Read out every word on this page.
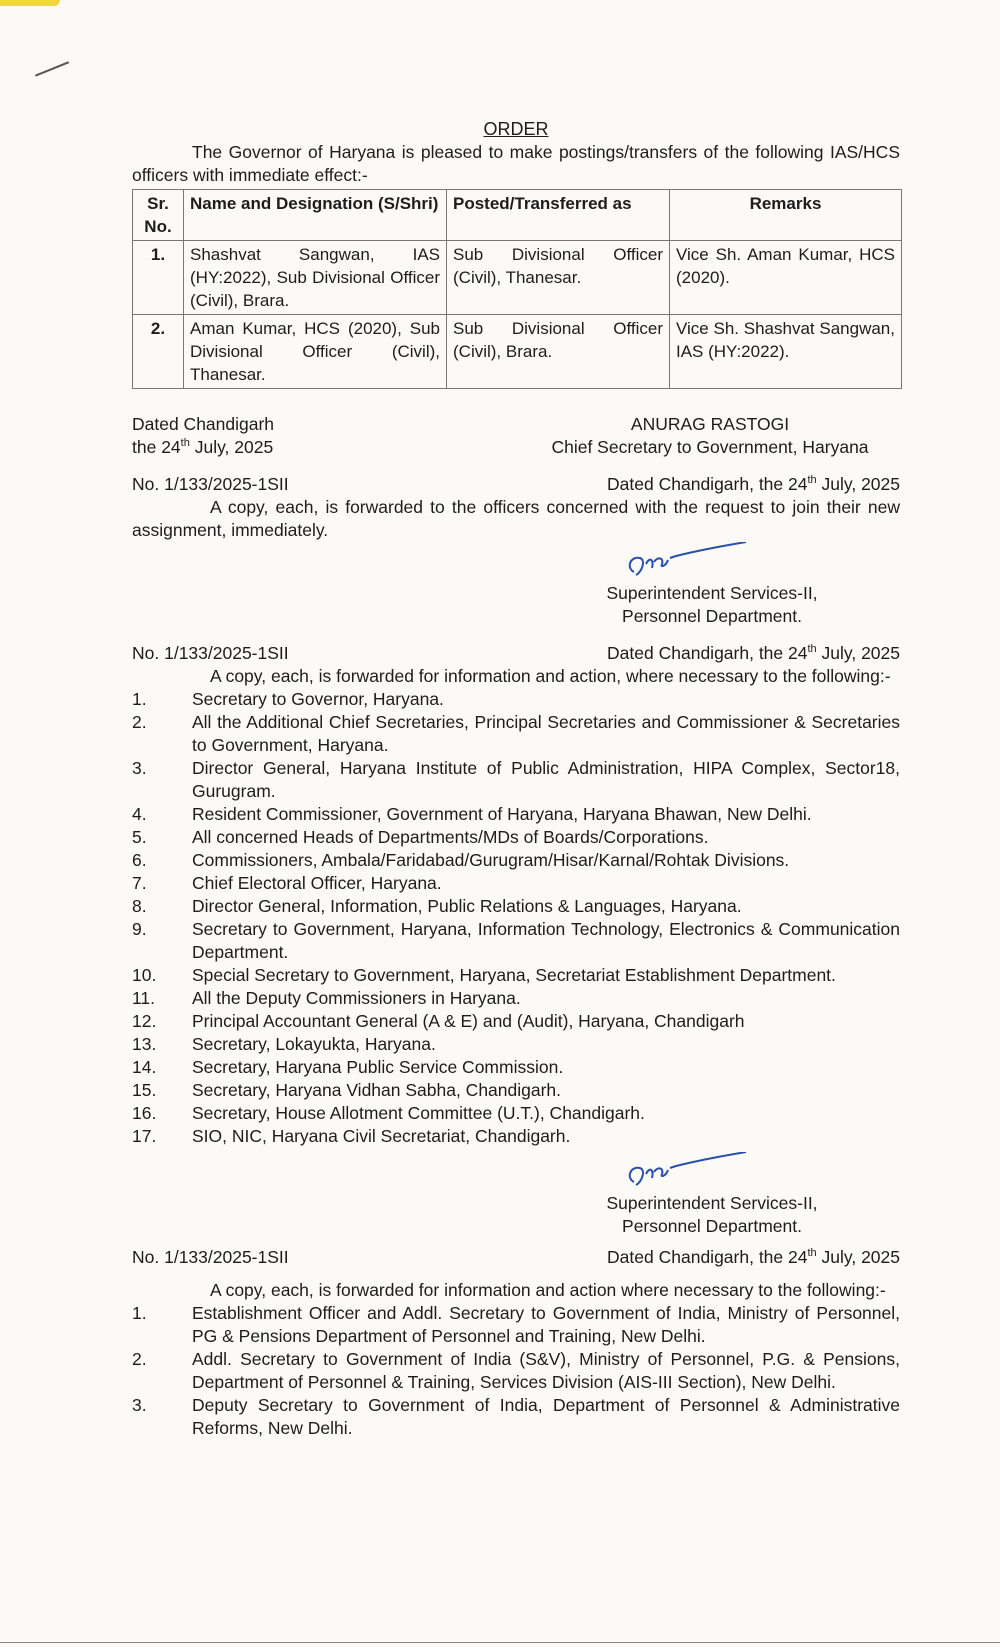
ORDER
The Governor of Haryana is pleased to make postings/transfers of the following IAS/HCS officers with immediate effect:-
Sr. No.	Name and Designation (S/Shri)	Posted/Transferred as	Remarks
1.	Shashvat Sangwan, IAS (HY:2022), Sub Divisional Officer (Civil), Brara.	Sub Divisional Officer (Civil), Thanesar.	Vice Sh. Aman Kumar, HCS (2020).
2.	Aman Kumar, HCS (2020), Sub Divisional Officer (Civil), Thanesar.	Sub Divisional Officer (Civil), Brara.	Vice Sh. Shashvat Sangwan, IAS (HY:2022).
Dated Chandigarh
the 24th July, 2025
ANURAG RASTOGI
Chief Secretary to Government, Haryana
No. 1/133/2025-1SII	Dated Chandigarh, the 24th July, 2025
A copy, each, is forwarded to the officers concerned with the request to join their new assignment, immediately.
Superintendent Services-II,
Personnel Department.
No. 1/133/2025-1SII	Dated Chandigarh, the 24th July, 2025
A copy, each, is forwarded for information and action, where necessary to the following:-
1.	Secretary to Governor, Haryana.
2.	All the Additional Chief Secretaries, Principal Secretaries and Commissioner & Secretaries to Government, Haryana.
3.	Director General, Haryana Institute of Public Administration, HIPA Complex, Sector18, Gurugram.
4.	Resident Commissioner, Government of Haryana, Haryana Bhawan, New Delhi.
5.	All concerned Heads of Departments/MDs of Boards/Corporations.
6.	Commissioners, Ambala/Faridabad/Gurugram/Hisar/Karnal/Rohtak Divisions.
7.	Chief Electoral Officer, Haryana.
8.	Director General, Information, Public Relations & Languages, Haryana.
9.	Secretary to Government, Haryana, Information Technology, Electronics & Communication Department.
10.	Special Secretary to Government, Haryana, Secretariat Establishment Department.
11.	All the Deputy Commissioners in Haryana.
12.	Principal Accountant General (A & E) and (Audit), Haryana, Chandigarh
13.	Secretary, Lokayukta, Haryana.
14.	Secretary, Haryana Public Service Commission.
15.	Secretary, Haryana Vidhan Sabha, Chandigarh.
16.	Secretary, House Allotment Committee (U.T.), Chandigarh.
17.	SIO, NIC, Haryana Civil Secretariat, Chandigarh.
Superintendent Services-II,
Personnel Department.
No. 1/133/2025-1SII	Dated Chandigarh, the 24th July, 2025
A copy, each, is forwarded for information and action where necessary to the following:-
1.	Establishment Officer and Addl. Secretary to Government of India, Ministry of Personnel, PG & Pensions Department of Personnel and Training, New Delhi.
2.	Addl. Secretary to Government of India (S&V), Ministry of Personnel, P.G. & Pensions, Department of Personnel & Training, Services Division (AIS-III Section), New Delhi.
3.	Deputy Secretary to Government of India, Department of Personnel & Administrative Reforms, New Delhi.
